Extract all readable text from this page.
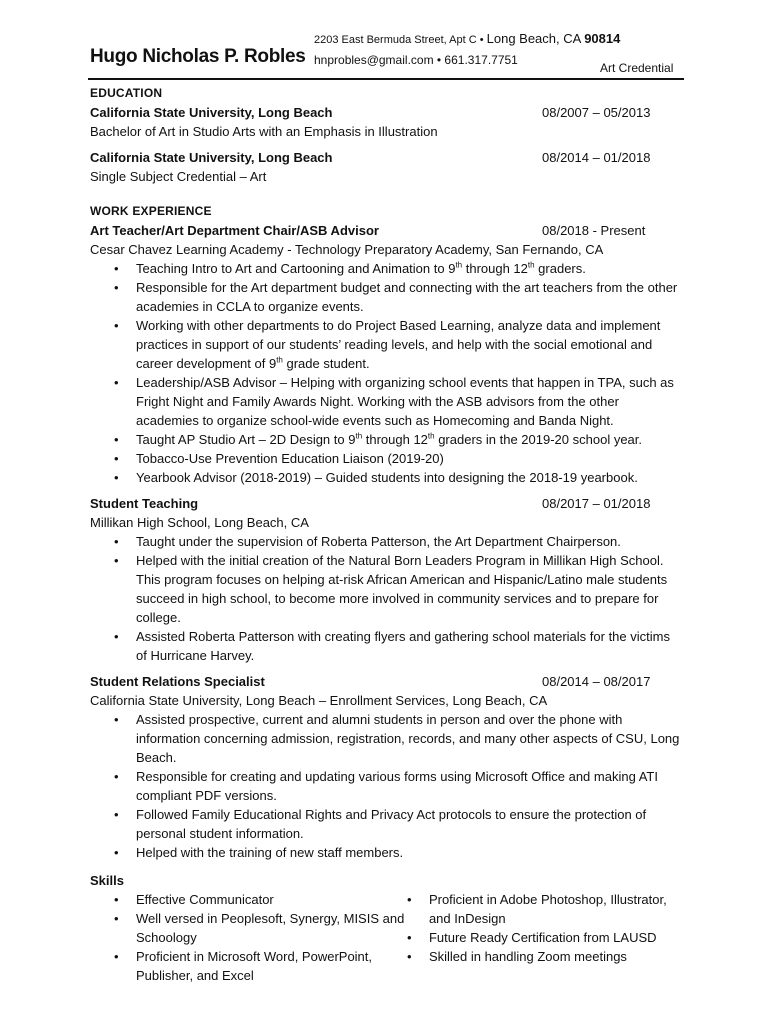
Hugo Nicholas P. Robles
2203 East Bermuda Street, Apt C • Long Beach, CA 90814
hnprobles@gmail.com • 661.317.7751
Art Credential
EDUCATION
California State University, Long Beach	08/2007 – 05/2013
Bachelor of Art in Studio Arts with an Emphasis in Illustration
California State University, Long Beach	08/2014 – 01/2018
Single Subject Credential – Art
WORK EXPERIENCE
Art Teacher/Art Department Chair/ASB Advisor	08/2018 - Present
Cesar Chavez Learning Academy - Technology Preparatory Academy, San Fernando, CA
• Teaching Intro to Art and Cartooning and Animation to 9th through 12th graders.
• Responsible for the Art department budget and connecting with the art teachers from the other academies in CCLA to organize events.
• Working with other departments to do Project Based Learning, analyze data and implement practices in support of our students’ reading levels, and help with the social emotional and career development of 9th grade student.
• Leadership/ASB Advisor – Helping with organizing school events that happen in TPA, such as Fright Night and Family Awards Night. Working with the ASB advisors from the other academies to organize school-wide events such as Homecoming and Banda Night.
• Taught AP Studio Art – 2D Design to 9th through 12th graders in the 2019-20 school year.
• Tobacco-Use Prevention Education Liaison (2019-20)
• Yearbook Advisor (2018-2019) – Guided students into designing the 2018-19 yearbook.
Student Teaching	08/2017 – 01/2018
Millikan High School, Long Beach, CA
• Taught under the supervision of Roberta Patterson, the Art Department Chairperson.
• Helped with the initial creation of the Natural Born Leaders Program in Millikan High School. This program focuses on helping at-risk African American and Hispanic/Latino male students succeed in high school, to become more involved in community services and to prepare for college.
• Assisted Roberta Patterson with creating flyers and gathering school materials for the victims of Hurricane Harvey.
Student Relations Specialist	08/2014 – 08/2017
California State University, Long Beach – Enrollment Services, Long Beach, CA
• Assisted prospective, current and alumni students in person and over the phone with information concerning admission, registration, records, and many other aspects of CSU, Long Beach.
• Responsible for creating and updating various forms using Microsoft Office and making ATI compliant PDF versions.
• Followed Family Educational Rights and Privacy Act protocols to ensure the protection of personal student information.
• Helped with the training of new staff members.
Skills
• Effective Communicator
• Well versed in Peoplesoft, Synergy, MISIS and Schoology
• Proficient in Microsoft Word, PowerPoint, Publisher, and Excel
• Proficient in Adobe Photoshop, Illustrator, and InDesign
• Future Ready Certification from LAUSD
• Skilled in handling Zoom meetings
